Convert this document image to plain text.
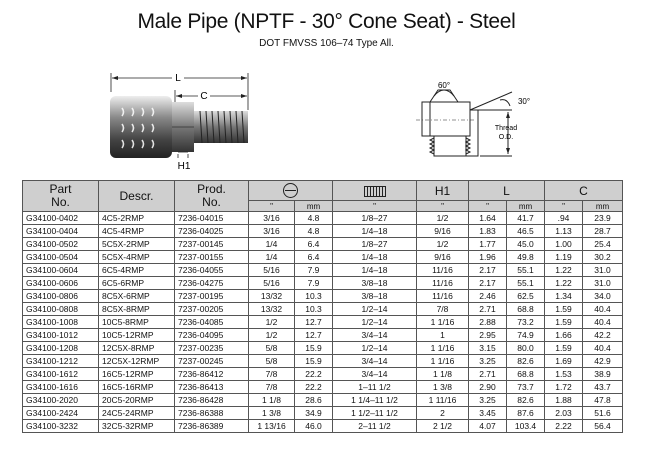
Male Pipe (NPTF - 30° Cone Seat) - Steel
DOT FMVSS 106–74 Type All.
L
C
H1
60°
30°
Thread
O.D.
Part
No.	Descr.	Prod.
No.				H1	L		C	
			"	mm	"	"	"	mm	"	mm
G34100-0402	4C5-2RMP	7236-04015	3/16	4.8	1/8–27	1/2	1.64	41.7	.94	23.9
G34100-0404	4C5-4RMP	7236-04025	3/16	4.8	1/4–18	9/16	1.83	46.5	1.13	28.7
G34100-0502	5C5X-2RMP	7237-00145	1/4	6.4	1/8–27	1/2	1.77	45.0	1.00	25.4
G34100-0504	5C5X-4RMP	7237-00155	1/4	6.4	1/4–18	9/16	1.96	49.8	1.19	30.2
G34100-0604	6C5-4RMP	7236-04055	5/16	7.9	1/4–18	11/16	2.17	55.1	1.22	31.0
G34100-0606	6C5-6RMP	7236-04275	5/16	7.9	3/8–18	11/16	2.17	55.1	1.22	31.0
G34100-0806	8C5X-6RMP	7237-00195	13/32	10.3	3/8–18	11/16	2.46	62.5	1.34	34.0
G34100-0808	8C5X-8RMP	7237-00205	13/32	10.3	1/2–14	7/8	2.71	68.8	1.59	40.4
G34100-1008	10C5-8RMP	7236-04085	1/2	12.7	1/2–14	1 1/16	2.88	73.2	1.59	40.4
G34100-1012	10C5-12RMP	7236-04095	1/2	12.7	3/4–14	1	2.95	74.9	1.66	42.2
G34100-1208	12C5X-8RMP	7237-00235	5/8	15.9	1/2–14	1 1/16	3.15	80.0	1.59	40.4
G34100-1212	12C5X-12RMP	7237-00245	5/8	15.9	3/4–14	1 1/16	3.25	82.6	1.69	42.9
G34100-1612	16C5-12RMP	7236-86412	7/8	22.2	3/4–14	1 1/8	2.71	68.8	1.53	38.9
G34100-1616	16C5-16RMP	7236-86413	7/8	22.2	1–11 1/2	1 3/8	2.90	73.7	1.72	43.7
G34100-2020	20C5-20RMP	7236-86428	1 1/8	28.6	1 1/4–11 1/2	1 11/16	3.25	82.6	1.88	47.8
G34100-2424	24C5-24RMP	7236-86388	1 3/8	34.9	1 1/2–11 1/2	2	3.45	87.6	2.03	51.6
G34100-3232	32C5-32RMP	7236-86389	1 13/16	46.0	2–11 1/2	2 1/2	4.07	103.4	2.22	56.4
